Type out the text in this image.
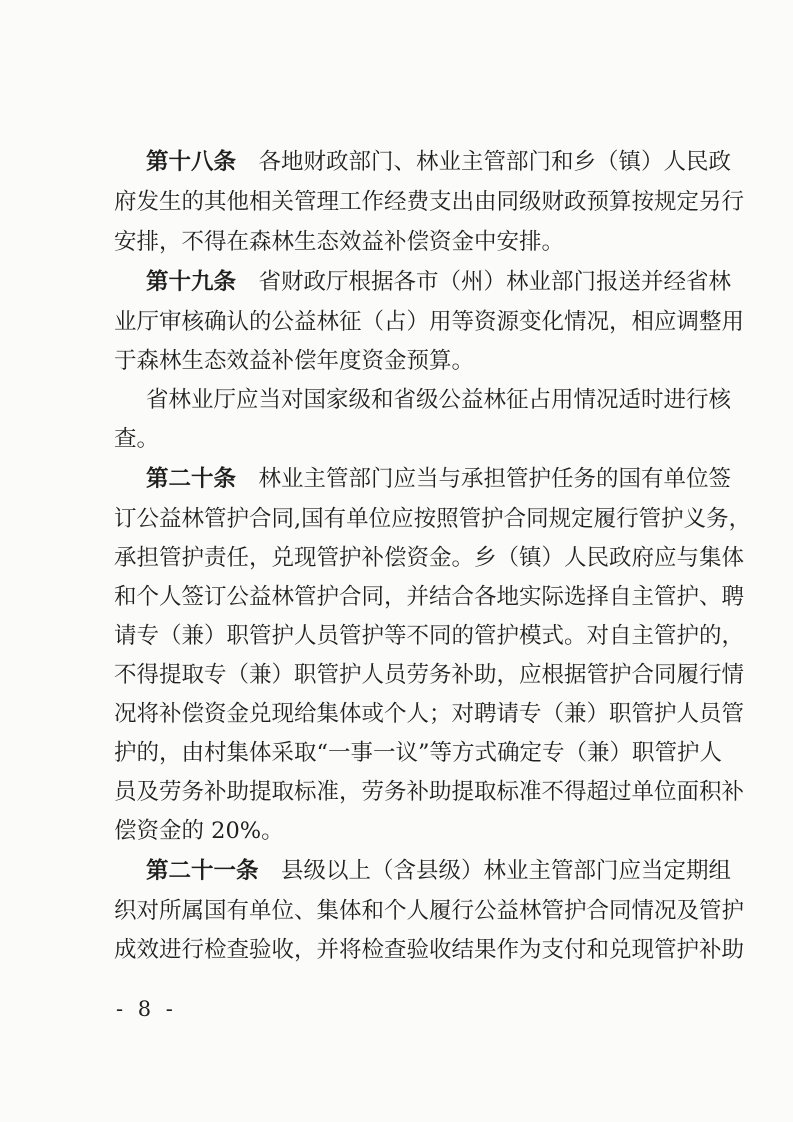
第十八条　 各地财政部门、林业主管部门和乡（镇）人民政
府发生的其他相关管理工作经费支出由同级财政预算按规定另行
安排，不得在森林生态效益补偿资金中安排。
第十九条　 省财政厅根据各市（州）林业部门报送并经省林
业厅审核确认的公益林征（占）用等资源变化情况，相应调整用
于森林生态效益补偿年度资金预算。
省林业厅应当对国家级和省级公益林征占用情况适时进行核
查。
第二十条　 林业主管部门应当与承担管护任务的国有单位签
订公益林管护合同,国有单位应按照管护合同规定履行管护义务，
承担管护责任，兑现管护补偿资金。乡（镇）人民政府应与集体
和个人签订公益林管护合同，并结合各地实际选择自主管护、聘
请专（兼）职管护人员管护等不同的管护模式。对自主管护的，
不得提取专（兼）职管护人员劳务补助，应根据管护合同履行情
况将补偿资金兑现给集体或个人；对聘请专（兼）职管护人员管
护的，由村集体采取“一事一议”等方式确定专（兼）职管护人
员及劳务补助提取标准，劳务补助提取标准不得超过单位面积补
偿资金的 20%。
第二十一条　 县级以上（含县级）林业主管部门应当定期组
织对所属国有单位、集体和个人履行公益林管护合同情况及管护
成效进行检查验收，并将检查验收结果作为支付和兑现管护补助
- 8 -
